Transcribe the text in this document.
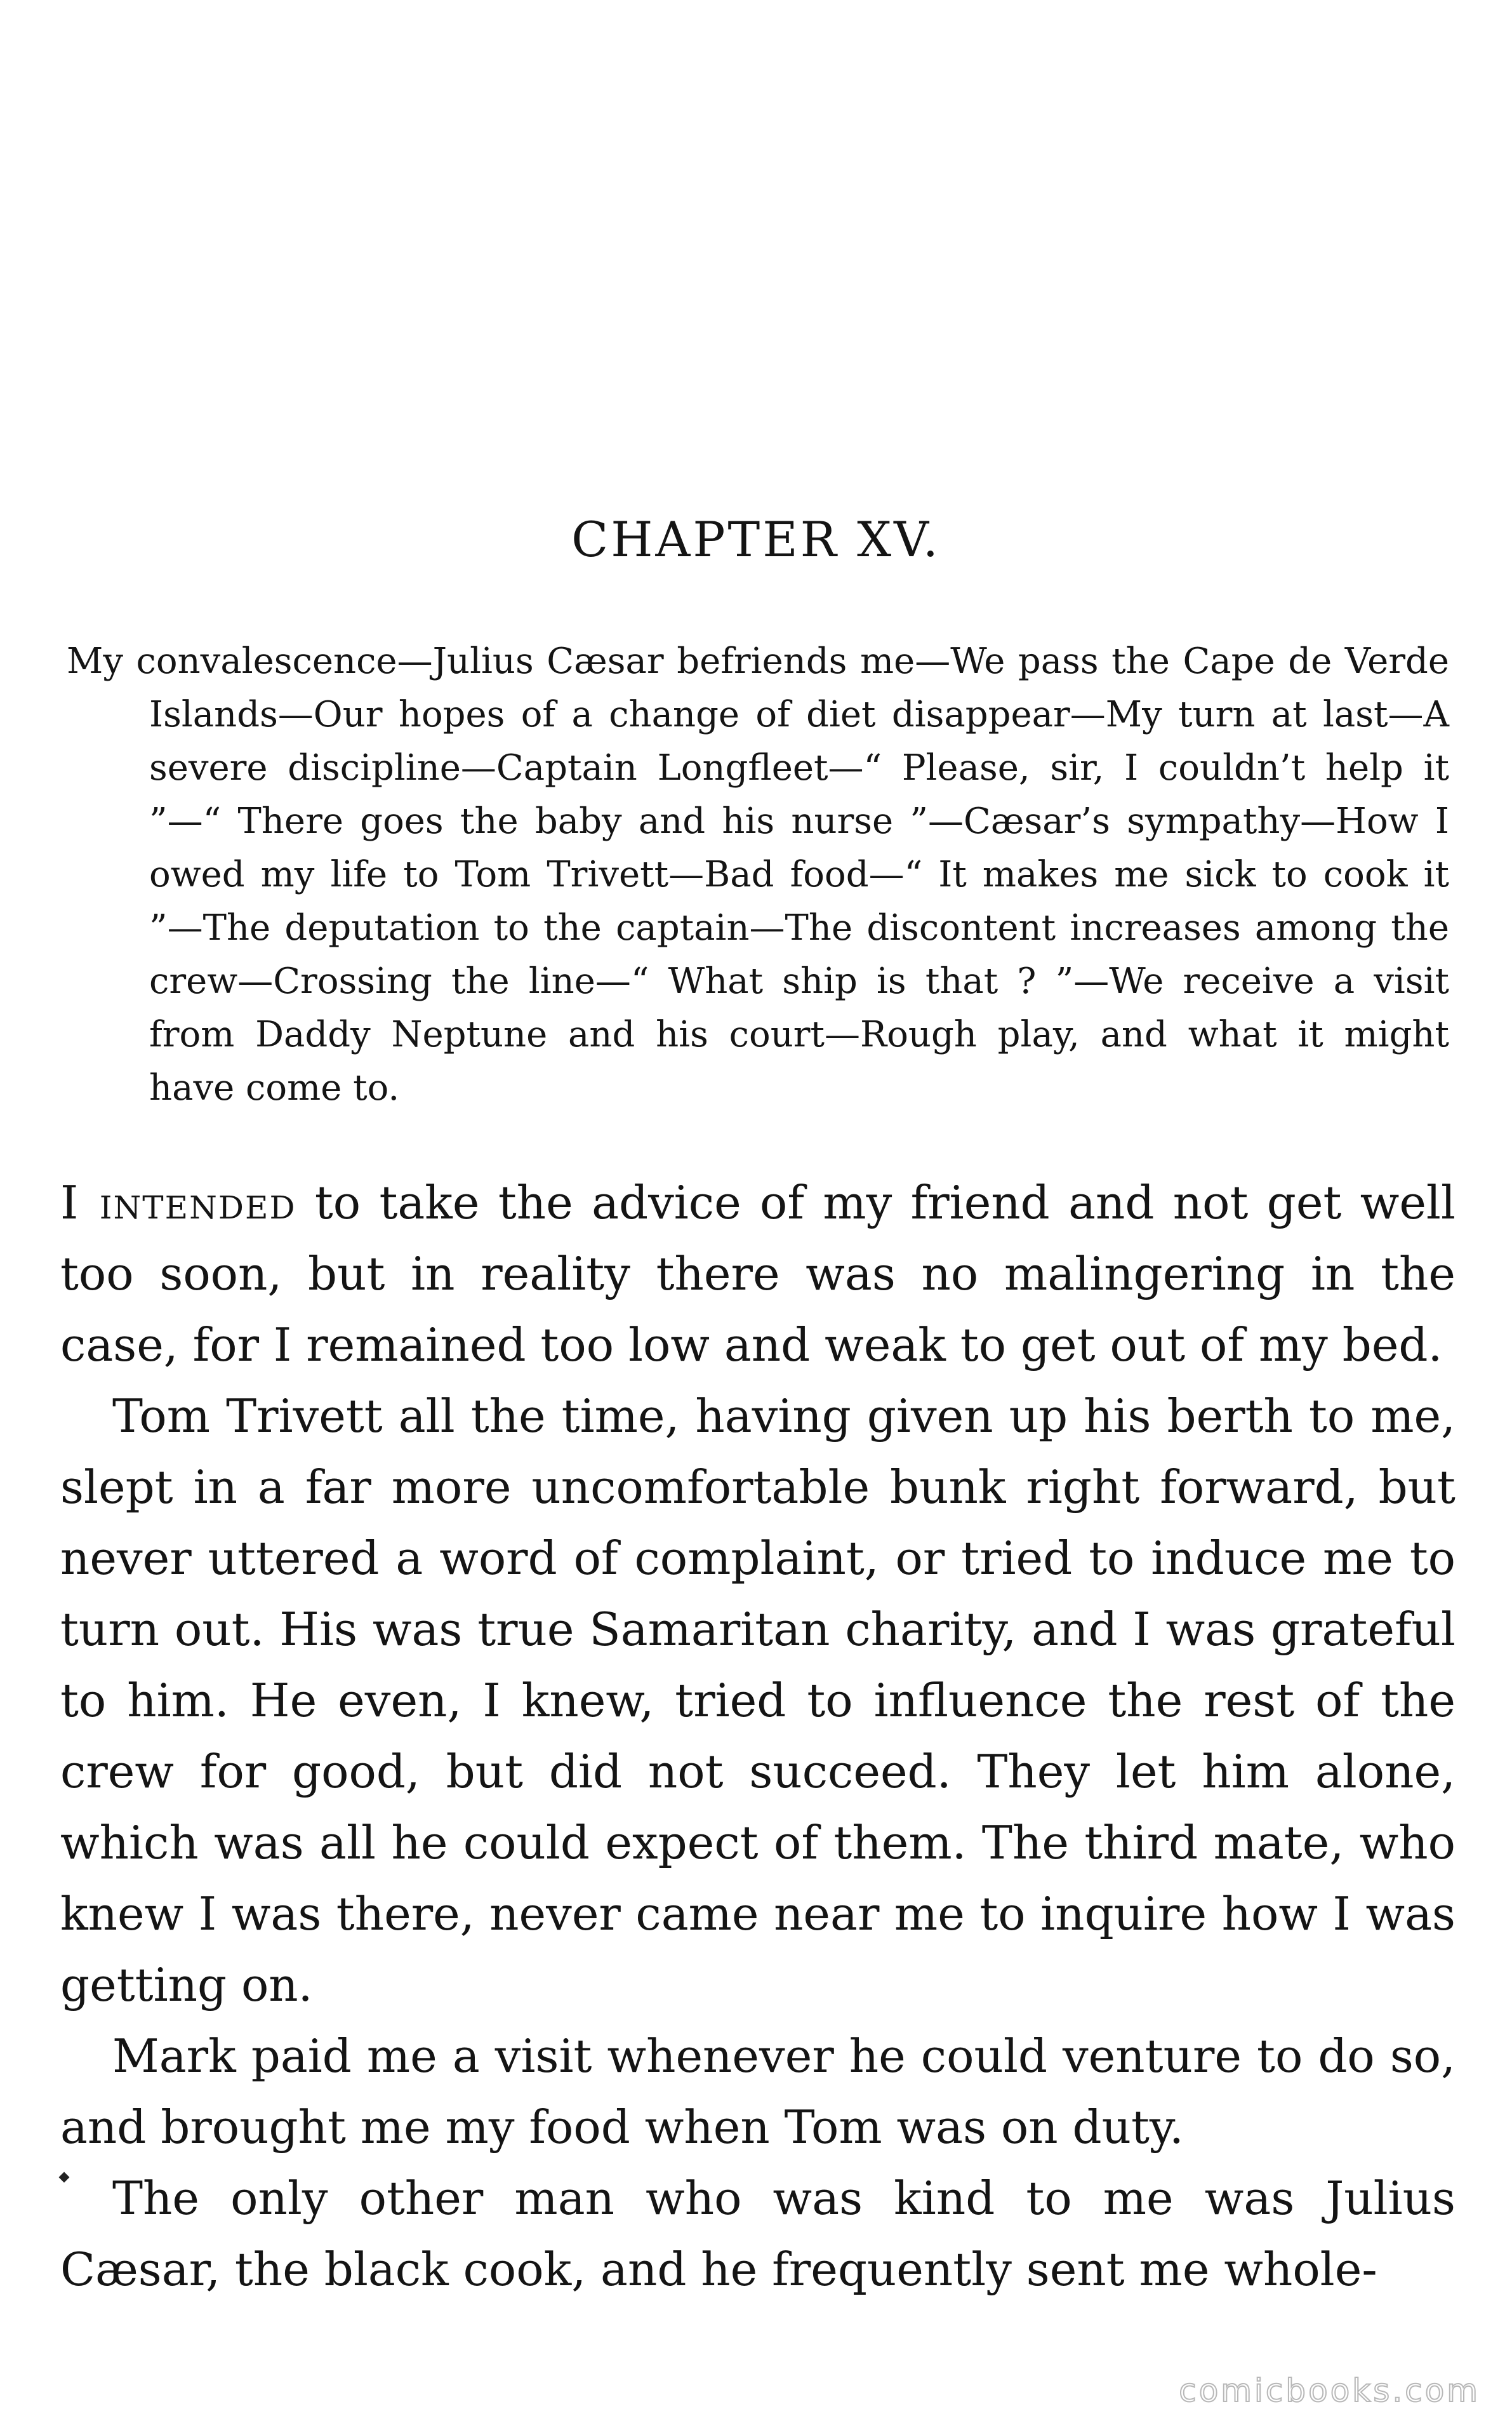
CHAPTER XV.

My convalescence—Julius Cæsar befriends me—We pass the Cape de Verde Islands—Our hopes of a change of diet disappear—My turn at last—A severe discipline—Captain Longfleet—“ Please, sir, I couldn’t help it ”—“ There goes the baby and his nurse ”—Cæsar’s sympathy—How I owed my life to Tom Trivett—Bad food—“ It makes me sick to cook it ”—The deputation to the captain—The discontent increases among the crew—Crossing the line—“ What ship is that ? ”—We receive a visit from Daddy Neptune and his court—Rough play, and what it might have come to.

I intended to take the advice of my friend and not get well too soon, but in reality there was no malingering in the case, for I remained too low and weak to get out of my bed.

Tom Trivett all the time, having given up his berth to me, slept in a far more uncomfortable bunk right forward, but never uttered a word of complaint, or tried to induce me to turn out. His was true Samaritan charity, and I was grateful to him. He even, I knew, tried to influence the rest of the crew for good, but did not succeed. They let him alone, which was all he could expect of them. The third mate, who knew I was there, never came near me to inquire how I was getting on.

Mark paid me a visit whenever he could venture to do so, and brought me my food when Tom was on duty.

The only other man who was kind to me was Julius Cæsar, the black cook, and he frequently sent me whole-

comicbooks.com
